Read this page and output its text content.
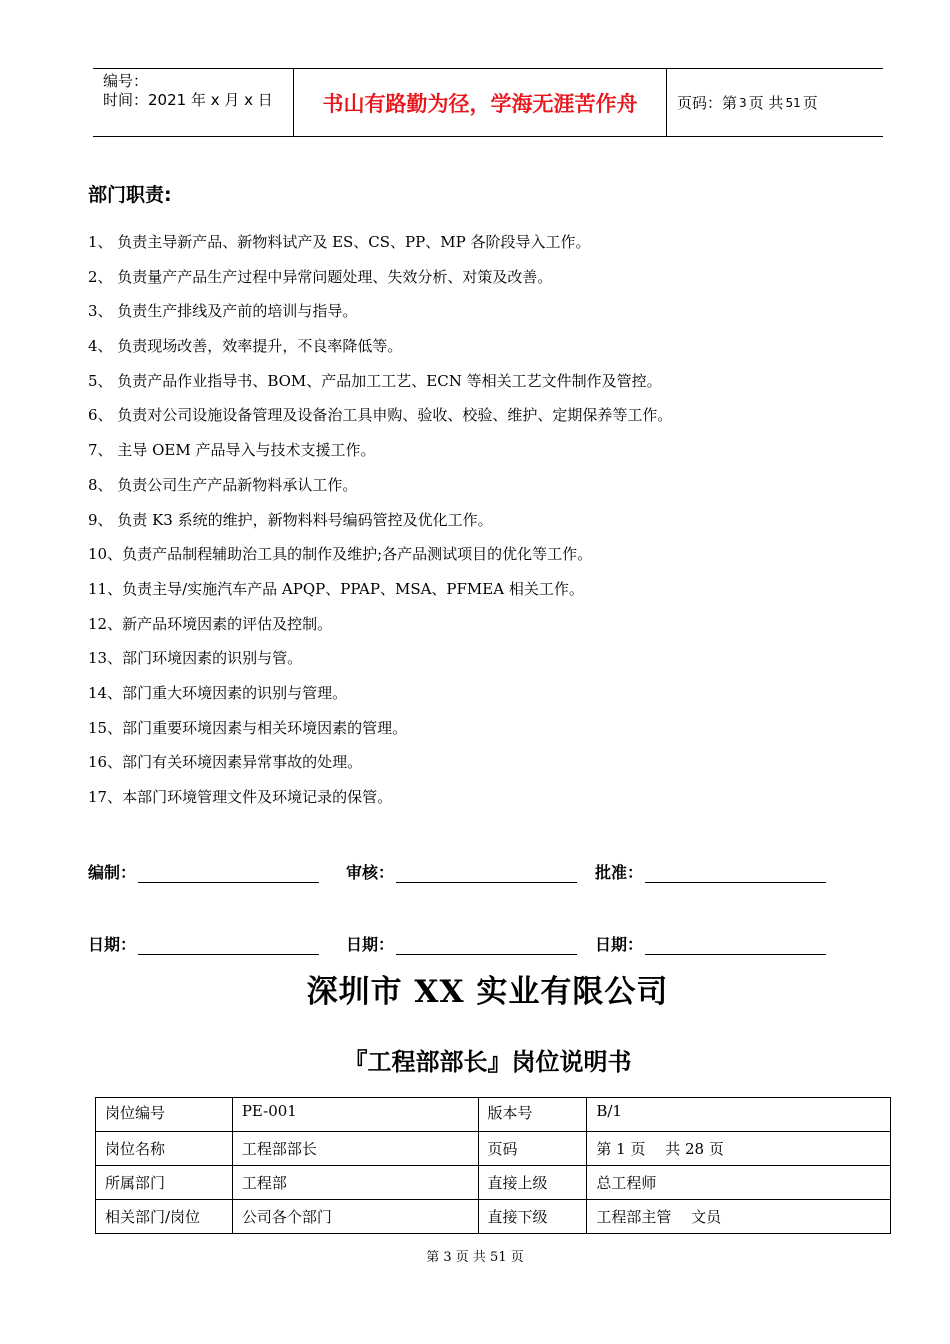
编号：
时间：2021 年 x 月 x 日	书山有路勤为径，学海无涯苦作舟	页码：第 3 页 共 51 页
部门职责:
1、 负责主导新产品、新物料试产及 ES、CS、PP、MP 各阶段导入工作。
2、 负责量产产品生产过程中异常问题处理、失效分析、对策及改善。
3、 负责生产排线及产前的培训与指导。
4、 负责现场改善，效率提升，不良率降低等。
5、 负责产品作业指导书、BOM、产品加工工艺、ECN 等相关工艺文件制作及管控。
6、 负责对公司设施设备管理及设备治工具申购、验收、校验、维护、定期保养等工作。
7、 主导 OEM 产品导入与技术支援工作。
8、 负责公司生产产品新物料承认工作。
9、 负责 K3 系统的维护，新物料料号编码管控及优化工作。
10、负责产品制程辅助治工具的制作及维护;各产品测试项目的优化等工作。
11、负责主导/实施汽车产品 APQP、PPAP、MSA、PFMEA 相关工作。
12、新产品环境因素的评估及控制。
13、部门环境因素的识别与管。
14、部门重大环境因素的识别与管理。
15、部门重要环境因素与相关环境因素的管理。
16、部门有关环境因素异常事故的处理。
17、本部门环境管理文件及环境记录的保管。
编制：	审核：	批准：
日期：	日期：	日期：
深圳市 XX 实业有限公司
『工程部部长』岗位说明书
岗位编号	PE-001	版本号	B/1
岗位名称	工程部部长	页码	第 1 页　 共 28 页
所属部门	工程部	直接上级	总工程师
相关部门/岗位	公司各个部门	直接下级	工程部主管　 文员
第 3 页 共 51 页
